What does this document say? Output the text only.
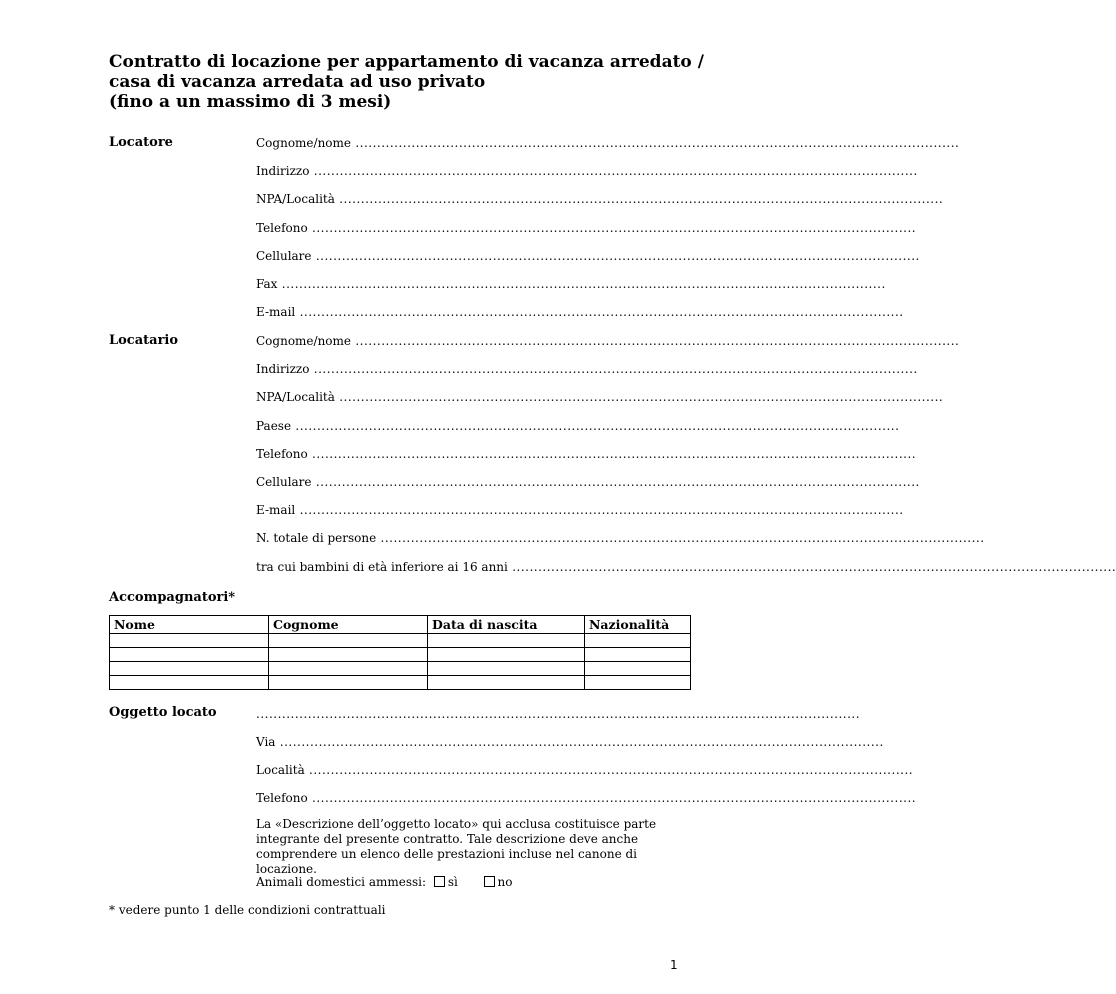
Contratto di locazione per appartamento di vacanza arredato /
casa di vacanza arredata ad uso privato
(fino a un massimo di 3 mesi)
Locatore	Cognome/nome ............................................................................................................................................
Indirizzo ............................................................................................................................................
NPA/Località ............................................................................................................................................
Telefono ............................................................................................................................................
Cellulare ............................................................................................................................................
Fax ............................................................................................................................................
E-mail ............................................................................................................................................
Locatario	Cognome/nome ............................................................................................................................................
Indirizzo ............................................................................................................................................
NPA/Località ............................................................................................................................................
Paese ............................................................................................................................................
Telefono ............................................................................................................................................
Cellulare ............................................................................................................................................
E-mail ............................................................................................................................................
N. totale di persone ............................................................................................................................................
tra cui bambini di età inferiore ai 16 anni ............................................................................................................................................
Accompagnatori*
Nome	Cognome	Data di nascita	Nazionalità

Oggetto locato	............................................................................................................................................
Via ............................................................................................................................................
Località ............................................................................................................................................
Telefono ............................................................................................................................................
La «Descrizione dell’oggetto locato» qui acclusa costituisce parte integrante del presente contratto. Tale descrizione deve anche comprendere un elenco delle prestazioni incluse nel canone di locazione.
Animali domestici ammessi: sì	no
* vedere punto 1 delle condizioni contrattuali
1
